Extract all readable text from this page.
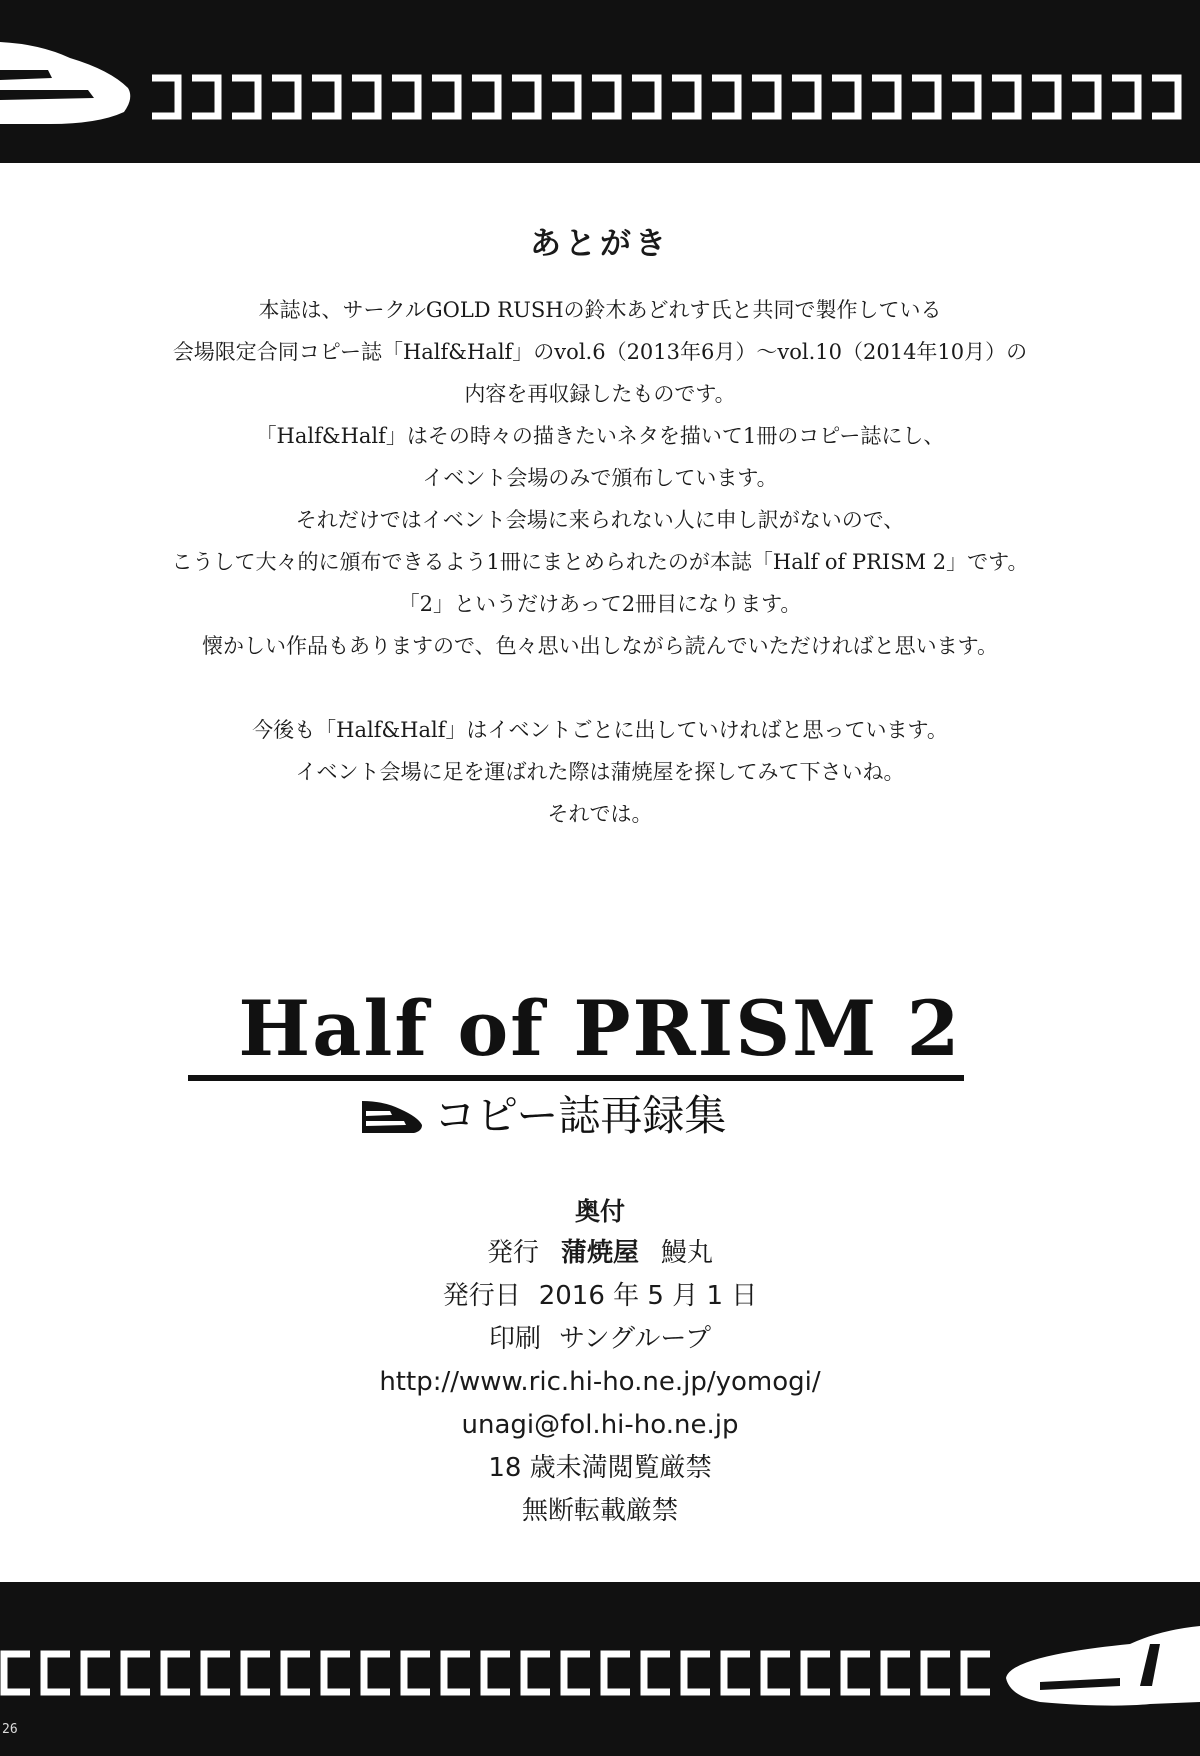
あとがき

本誌は、サークルGOLD RUSHの鈴木あどれす氏と共同で製作している

会場限定合同コピー誌「Half&Half」のvol.6（2013年6月）～vol.10（2014年10月）の

内容を再収録したものです。

「Half&Half」はその時々の描きたいネタを描いて1冊のコピー誌にし、

イベント会場のみで頒布しています。

それだけではイベント会場に来られない人に申し訳がないので、

こうして大々的に頒布できるよう1冊にまとめられたのが本誌「Half of PRISM 2」です。

「2」というだけあって2冊目になります。

懐かしい作品もありますので、色々思い出しながら読んでいただければと思います。

今後も「Half&Half」はイベントごとに出していければと思っています。

イベント会場に足を運ばれた際は蒲焼屋を探してみて下さいね。

それでは。

Half of PRISM 2
コピー誌再録集
奥付
発行 蒲焼屋 鰻丸
発行日 2016 年 5 月 1 日
印刷 サングループ
http://www.ric.hi-ho.ne.jp/yomogi/
unagi@fol.hi-ho.ne.jp
18 歳未満閲覧厳禁
無断転載厳禁
26
